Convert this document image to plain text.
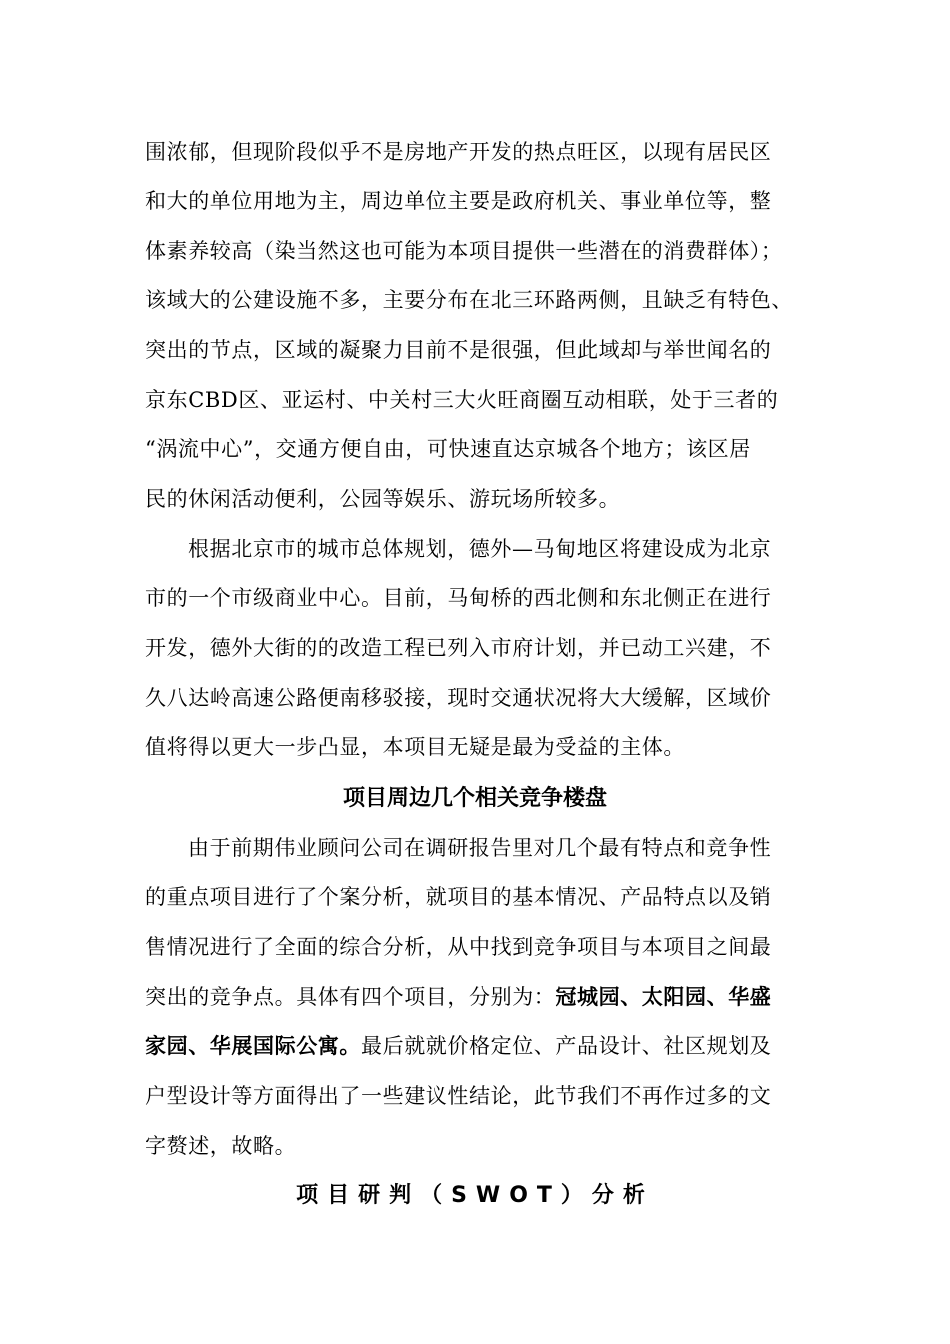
围浓郁，但现阶段似乎不是房地产开发的热点旺区，以现有居民区
和大的单位用地为主，周边单位主要是政府机关、事业单位等，整
体素养较高（染当然这也可能为本项目提供一些潜在的消费群体）；
该域大的公建设施不多，主要分布在北三环路两侧，且缺乏有特色、
突出的节点，区域的凝聚力目前不是很强，但此域却与举世闻名的
京东CBD区、亚运村、中关村三大火旺商圈互动相联，处于三者的
“涡流中心”，交通方便自由，可快速直达京城各个地方；该区居
民的休闲活动便利，公园等娱乐、游玩场所较多。
根据北京市的城市总体规划，德外—马甸地区将建设成为北京
市的一个市级商业中心。目前，马甸桥的西北侧和东北侧正在进行
开发，德外大街的的改造工程已列入市府计划，并已动工兴建，不
久八达岭高速公路便南移驳接，现时交通状况将大大缓解，区域价
值将得以更大一步凸显，本项目无疑是最为受益的主体。
项目周边几个相关竞争楼盘
由于前期伟业顾问公司在调研报告里对几个最有特点和竞争性
的重点项目进行了个案分析，就项目的基本情况、产品特点以及销
售情况进行了全面的综合分析，从中找到竞争项目与本项目之间最
突出的竞争点。具体有四个项目，分别为：冠城园、太阳园、华盛
家园、华展国际公寓。最后就就价格定位、产品设计、社区规划及
户型设计等方面得出了一些建议性结论，此节我们不再作过多的文
字赘述，故略。
项目研判（SWOT）分析
